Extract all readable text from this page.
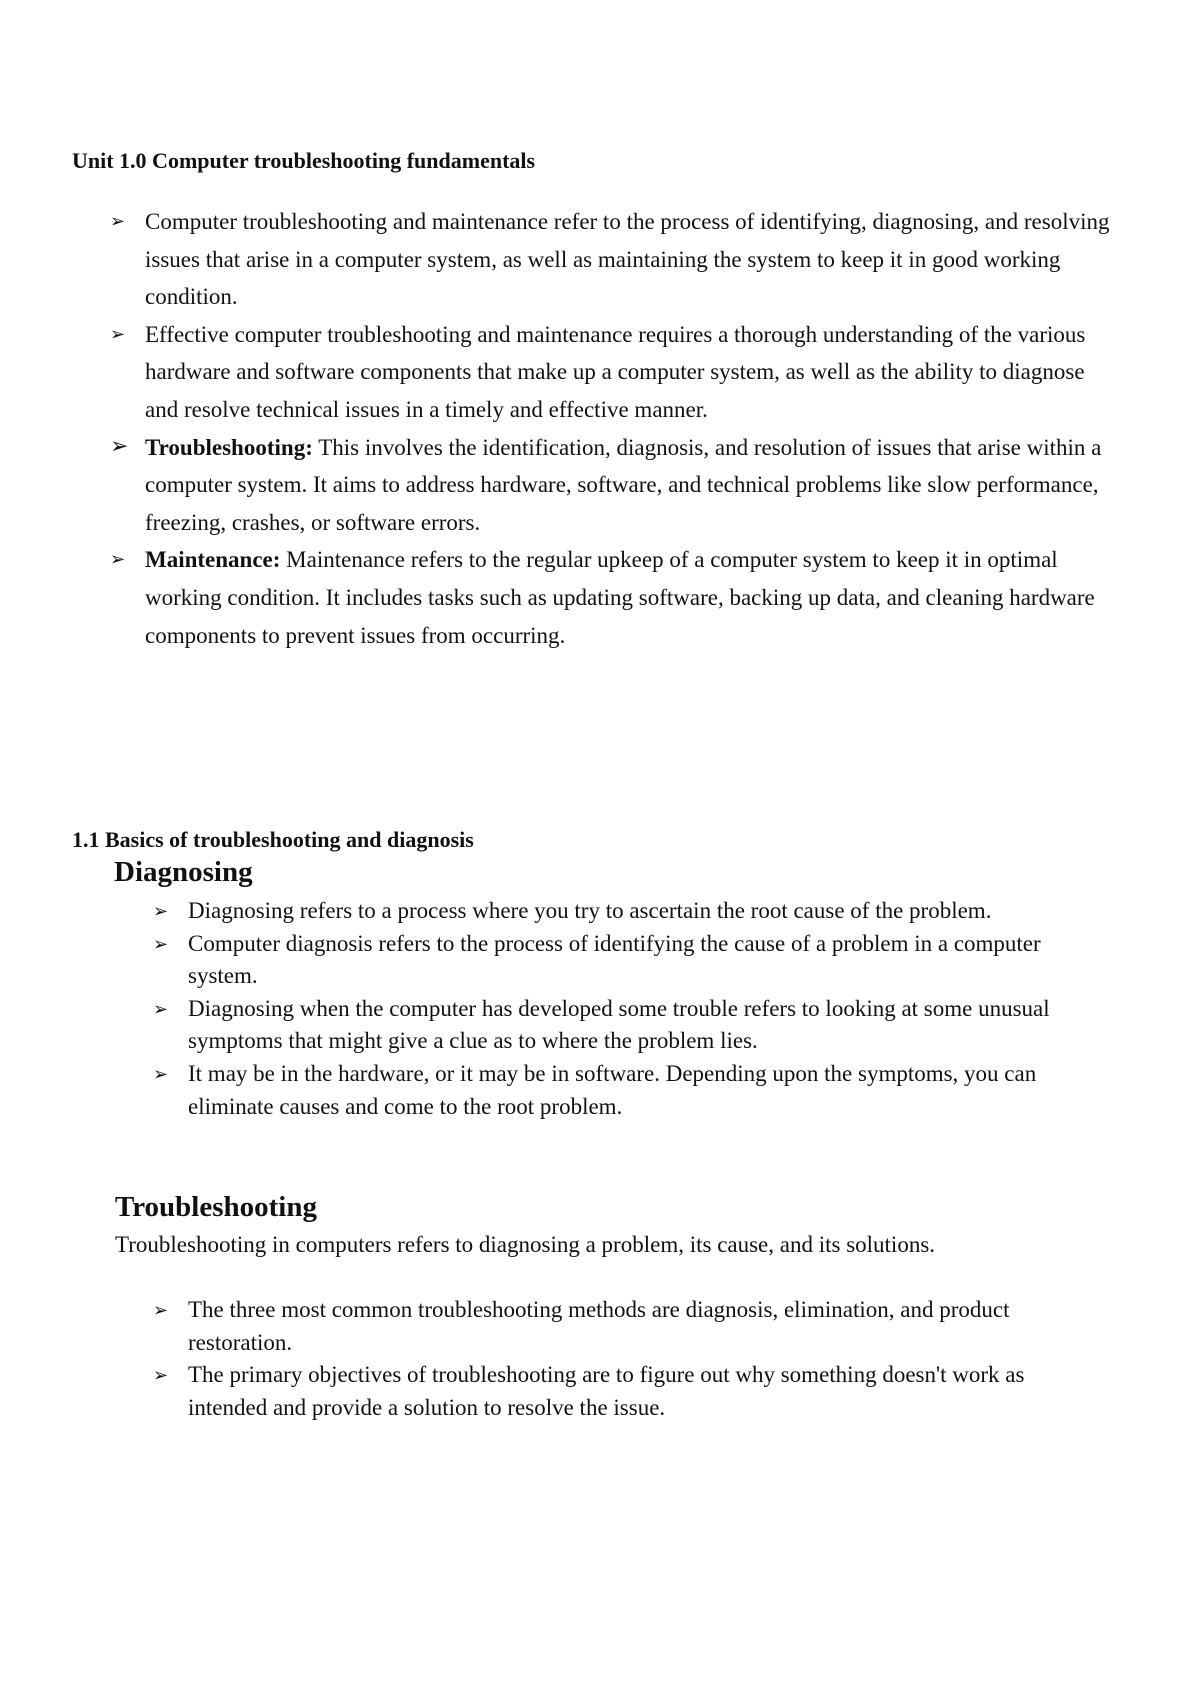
Unit 1.0 Computer troubleshooting fundamentals
➢ Computer troubleshooting and maintenance refer to the process of identifying, diagnosing, and resolving issues that arise in a computer system, as well as maintaining the system to keep it in good working condition.
➢ Effective computer troubleshooting and maintenance requires a thorough understanding of the various hardware and software components that make up a computer system, as well as the ability to diagnose and resolve technical issues in a timely and effective manner.
➢ Troubleshooting: This involves the identification, diagnosis, and resolution of issues that arise within a computer system. It aims to address hardware, software, and technical problems like slow performance, freezing, crashes, or software errors.
➢ Maintenance: Maintenance refers to the regular upkeep of a computer system to keep it in optimal working condition. It includes tasks such as updating software, backing up data, and cleaning hardware components to prevent issues from occurring.
1.1 Basics of troubleshooting and diagnosis
Diagnosing
➢ Diagnosing refers to a process where you try to ascertain the root cause of the problem.
➢ Computer diagnosis refers to the process of identifying the cause of a problem in a computer system.
➢ Diagnosing when the computer has developed some trouble refers to looking at some unusual symptoms that might give a clue as to where the problem lies.
➢ It may be in the hardware, or it may be in software. Depending upon the symptoms, you can eliminate causes and come to the root problem.
Troubleshooting

Troubleshooting in computers refers to diagnosing a problem, its cause, and its solutions.

➢ The three most common troubleshooting methods are diagnosis, elimination, and product restoration.
➢ The primary objectives of troubleshooting are to figure out why something doesn't work as intended and provide a solution to resolve the issue.
